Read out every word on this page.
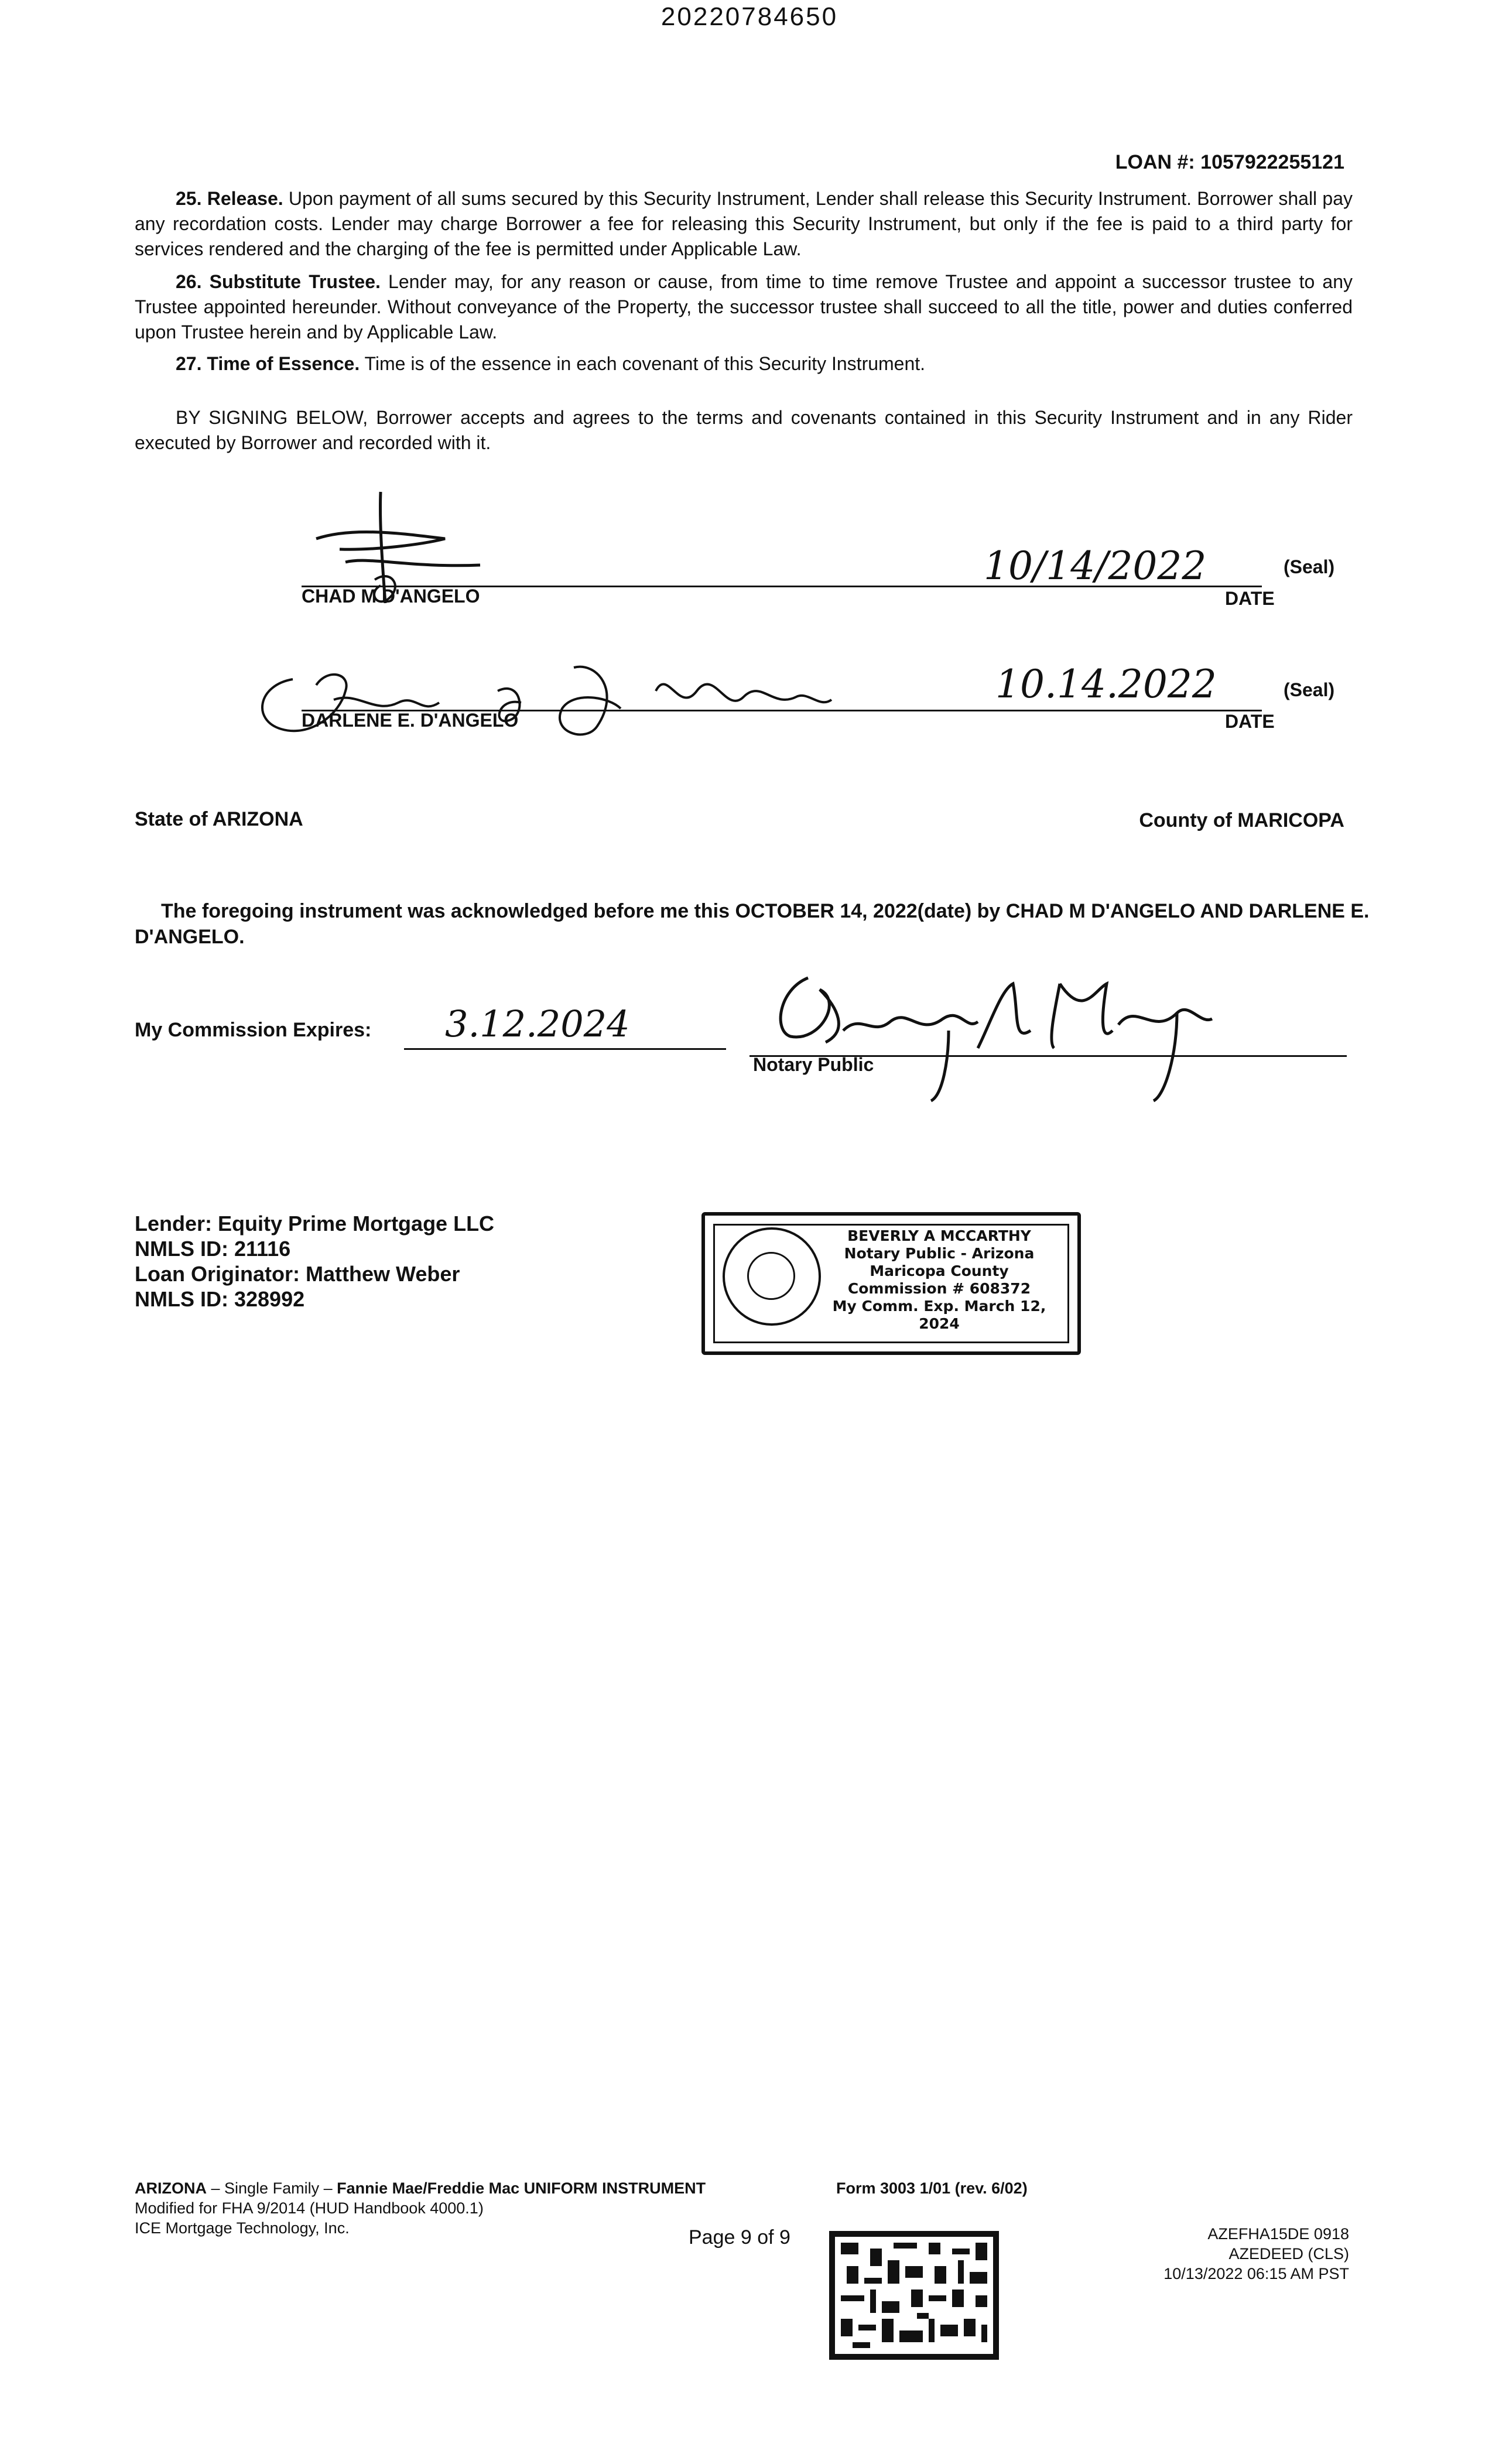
20220784650
LOAN #: 1057922255121
25. Release. Upon payment of all sums secured by this Security Instrument, Lender shall release this Security Instrument. Borrower shall pay any recordation costs. Lender may charge Borrower a fee for releasing this Security Instrument, but only if the fee is paid to a third party for services rendered and the charging of the fee is permitted under Applicable Law.
26. Substitute Trustee. Lender may, for any reason or cause, from time to time remove Trustee and appoint a successor trustee to any Trustee appointed hereunder. Without conveyance of the Property, the successor trustee shall succeed to all the title, power and duties conferred upon Trustee herein and by Applicable Law.
27. Time of Essence. Time is of the essence in each covenant of this Security Instrument.
BY SIGNING BELOW, Borrower accepts and agrees to the terms and covenants contained in this Security Instrument and in any Rider executed by Borrower and recorded with it.
CHAD M D'ANGELO
10/14/2022	(Seal)
DATE
DARLENE E. D'ANGELO
10.14.2022	(Seal)
DATE
State of ARIZONA	County of MARICOPA
The foregoing instrument was acknowledged before me this OCTOBER 14, 2022(date) by CHAD M D'ANGELO AND DARLENE E. D'ANGELO.
My Commission Expires: 3.12.2024
Notary Public
Lender: Equity Prime Mortgage LLC
NMLS ID: 21116
Loan Originator: Matthew Weber
NMLS ID: 328992
BEVERLY A MCCARTHY
Notary Public - Arizona
Maricopa County
Commission # 608372
My Comm. Exp. March 12, 2024
ARIZONA – Single Family – Fannie Mae/Freddie Mac UNIFORM INSTRUMENT
Modified for FHA 9/2014 (HUD Handbook 4000.1)
ICE Mortgage Technology, Inc.
Form 3003 1/01 (rev. 6/02)
Page 9 of 9	AZEFHA15DE 0918
AZEDEED (CLS)
10/13/2022 06:15 AM PST
